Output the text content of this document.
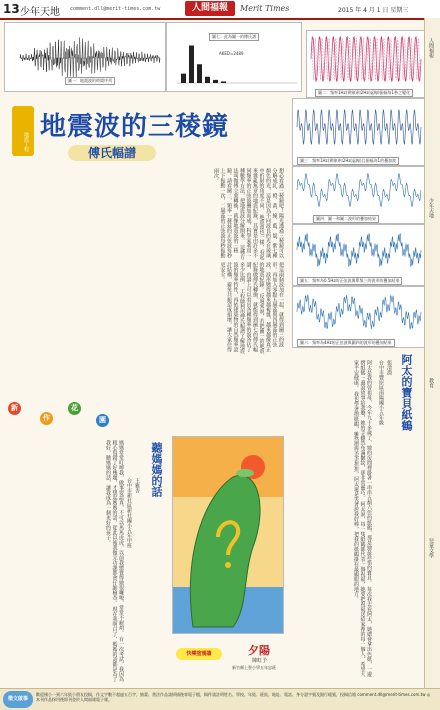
13 少年天地 comment.dll@merit-times.com.tw	人間福報	Merit Times	2015 年 4 月 1 日 星期三
圖一：地震波的時間序列
圖七：此為圖一的傅氏譜
AKED=2489
圖二：頻率1Hz(實線)和2Hz(虛線)振幅每1秒之變化
圖三：頻率1Hz(實線)和2Hz(虛線)且振幅為1的疊加波
圖四：圖一和圖二波形的疊加結果
圖五：頻率為0.5Hz的正弦波與單頻三的波形的疊加結果
圖六：頻率為4Hz的正弦波與圖四的波形的疊加結果
地震工程 地震波的三稜鏡
傅氏幅譜
想必看過三稜鏡吧！陽光透過三稜鏡可以分解成紅、橙、黃、綠、藍、靛、紫七種顏色的光，這是因為不同波長的光在玻璃中折射的角度不同。 地震波也一樣，看起來雜亂無章的地震紀錄，其實是由許多不同頻率的正弦波疊加而成，科學家利用一種數學方法，把地震波分解開來。 這種方法叫做傅立葉轉換，就像地震波的三稜鏡。請看圖二，頻率一赫茲的正弦波每秒上下振動一次，二赫茲的正弦波每秒振動兩次。
把這兩個波加在一起，就得到圖三的波形。再加入零點五赫茲與四赫茲的正弦波，波形變得越來越複雜，越來越像真正的地震紀錄。 反過來說，若把圖一的地震紀錄做傅氏轉換，就能得到圖七的傅氏幅譜，由譜上可以看出各種頻率的波各佔了多少比例。 工程師利用傅氏幅譜了解地震波的頻率特性，再依建築物的自然頻率設計結構，避免共振造成損壞，讓大家住得更安全。
阿太的寶貝紙鶴
張清淵
台中市豐原區南陽國小五年級
阿太是我的曾祖母，今年九十多歲了，她的房間裡掛著一串串五顏六色的紙鶴，那是她最珍惜的寶貝。 每次我去看阿太，她總會拿出色紙，一邊摺紙鶴一邊說故事給我聽，她的手雖然布滿皺紋，卻非常靈巧。 阿太說，每一隻紙鶴都代表一個祝福，她要把祝福送給家裡的每一個人，希望大家平安健康。 我也學著摺紙鶴，雖然摺得歪歪扭扭，阿太還是笑著誇我好棒，把我的紙鶴掛在最顯眼的地方。
新
作
花
園
聽媽媽的話
王雅杏
台中市新社區新社國小五年甲班
媽媽常常叮嚀我，做事要認真，不可以馬馬虎虎，以前我總覺得她很囉唆，常常不耐煩。 有一次考試，我因為粗心寫錯了好幾題，才想起媽媽的話，從此以後我做完功課都會仔細檢查。 現在我明白了，媽媽的話都是為了我好，聽媽媽的話，讓我成為一個更好的孩子。
快樂塗鴉牆	夕陽
陳虹予
新竹縣上智小學五年忠班
人間福報
少年天地
教育
兒童文學
徵文啟事
歡迎國小一到六年級小朋友投稿，作文字數不超過五百字，繪畫、書法作品請掃描後寄電子檔，稿件請註明姓名、學校、年級、班級、地址、電話、身分證字號及銀行帳號，投稿信箱 comment.dll@merit-times.com.tw ◎本刊作品採用後即刊登於人間福報電子報。
